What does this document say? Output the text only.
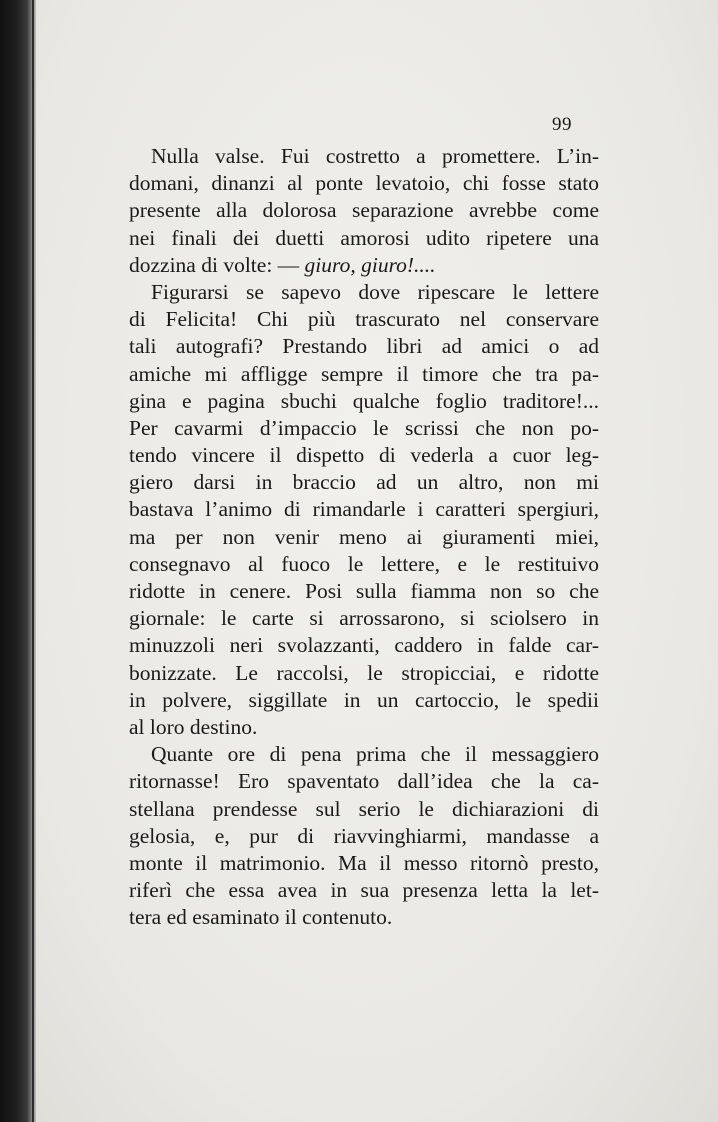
99
Nulla valse. Fui costretto a promettere. L’in-
domani, dinanzi al ponte levatoio, chi fosse stato
presente alla dolorosa separazione avrebbe come
nei finali dei duetti amorosi udito ripetere una
dozzina di volte: — giuro, giuro!....
Figurarsi se sapevo dove ripescare le lettere
di Felicita! Chi più trascurato nel conservare
tali autografi? Prestando libri ad amici o ad
amiche mi affligge sempre il timore che tra pa-
gina e pagina sbuchi qualche foglio traditore!...
Per cavarmi d’impaccio le scrissi che non po-
tendo vincere il dispetto di vederla a cuor leg-
giero darsi in braccio ad un altro, non mi
bastava l’animo di rimandarle i caratteri spergiuri,
ma per non venir meno ai giuramenti miei,
consegnavo al fuoco le lettere, e le restituivo
ridotte in cenere. Posi sulla fiamma non so che
giornale: le carte si arrossarono, si sciolsero in
minuzzoli neri svolazzanti, caddero in falde car-
bonizzate. Le raccolsi, le stropicciai, e ridotte
in polvere, siggillate in un cartoccio, le spedii
al loro destino.
Quante ore di pena prima che il messaggiero
ritornasse! Ero spaventato dall’idea che la ca-
stellana prendesse sul serio le dichiarazioni di
gelosia, e, pur di riavvinghiarmi, mandasse a
monte il matrimonio. Ma il messo ritornò presto,
riferì che essa avea in sua presenza letta la let-
tera ed esaminato il contenuto.
